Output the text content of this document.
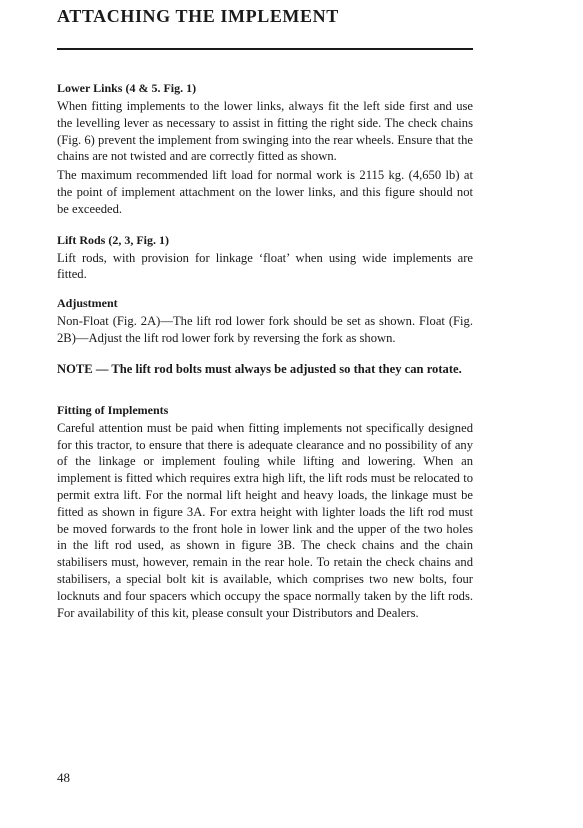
ATTACHING THE IMPLEMENT

Lower Links (4 & 5. Fig. 1)

When fitting implements to the lower links, always fit the left side first and use the levelling lever as necessary to assist in fitting the right side. The check chains (Fig. 6) prevent the implement from swinging into the rear wheels. Ensure that the chains are not twisted and are correctly fitted as shown.

The maximum recommended lift load for normal work is 2115 kg. (4,650 lb) at the point of implement attachment on the lower links, and this figure should not be exceeded.

Lift Rods (2, 3, Fig. 1)

Lift rods, with provision for linkage ‘float’ when using wide implements are fitted.

Adjustment

Non-Float (Fig. 2A)—The lift rod lower fork should be set as shown. Float (Fig. 2B)—Adjust the lift rod lower fork by reversing the fork as shown.

NOTE — The lift rod bolts must always be adjusted so that they can rotate.

Fitting of Implements

Careful attention must be paid when fitting implements not specifically designed for this tractor, to ensure that there is adequate clearance and no possibility of any of the linkage or implement fouling while lifting and lowering. When an implement is fitted which requires extra high lift, the lift rods must be relocated to permit extra lift. For the normal lift height and heavy loads, the linkage must be fitted as shown in figure 3A. For extra height with lighter loads the lift rod must be moved forwards to the front hole in lower link and the upper of the two holes in the lift rod used, as shown in figure 3B. The check chains and the chain stabilisers must, however, remain in the rear hole. To retain the check chains and stabilisers, a special bolt kit is available, which comprises two new bolts, four locknuts and four spacers which occupy the space normally taken by the lift rods. For availability of this kit, please consult your Distributors and Dealers.

48
